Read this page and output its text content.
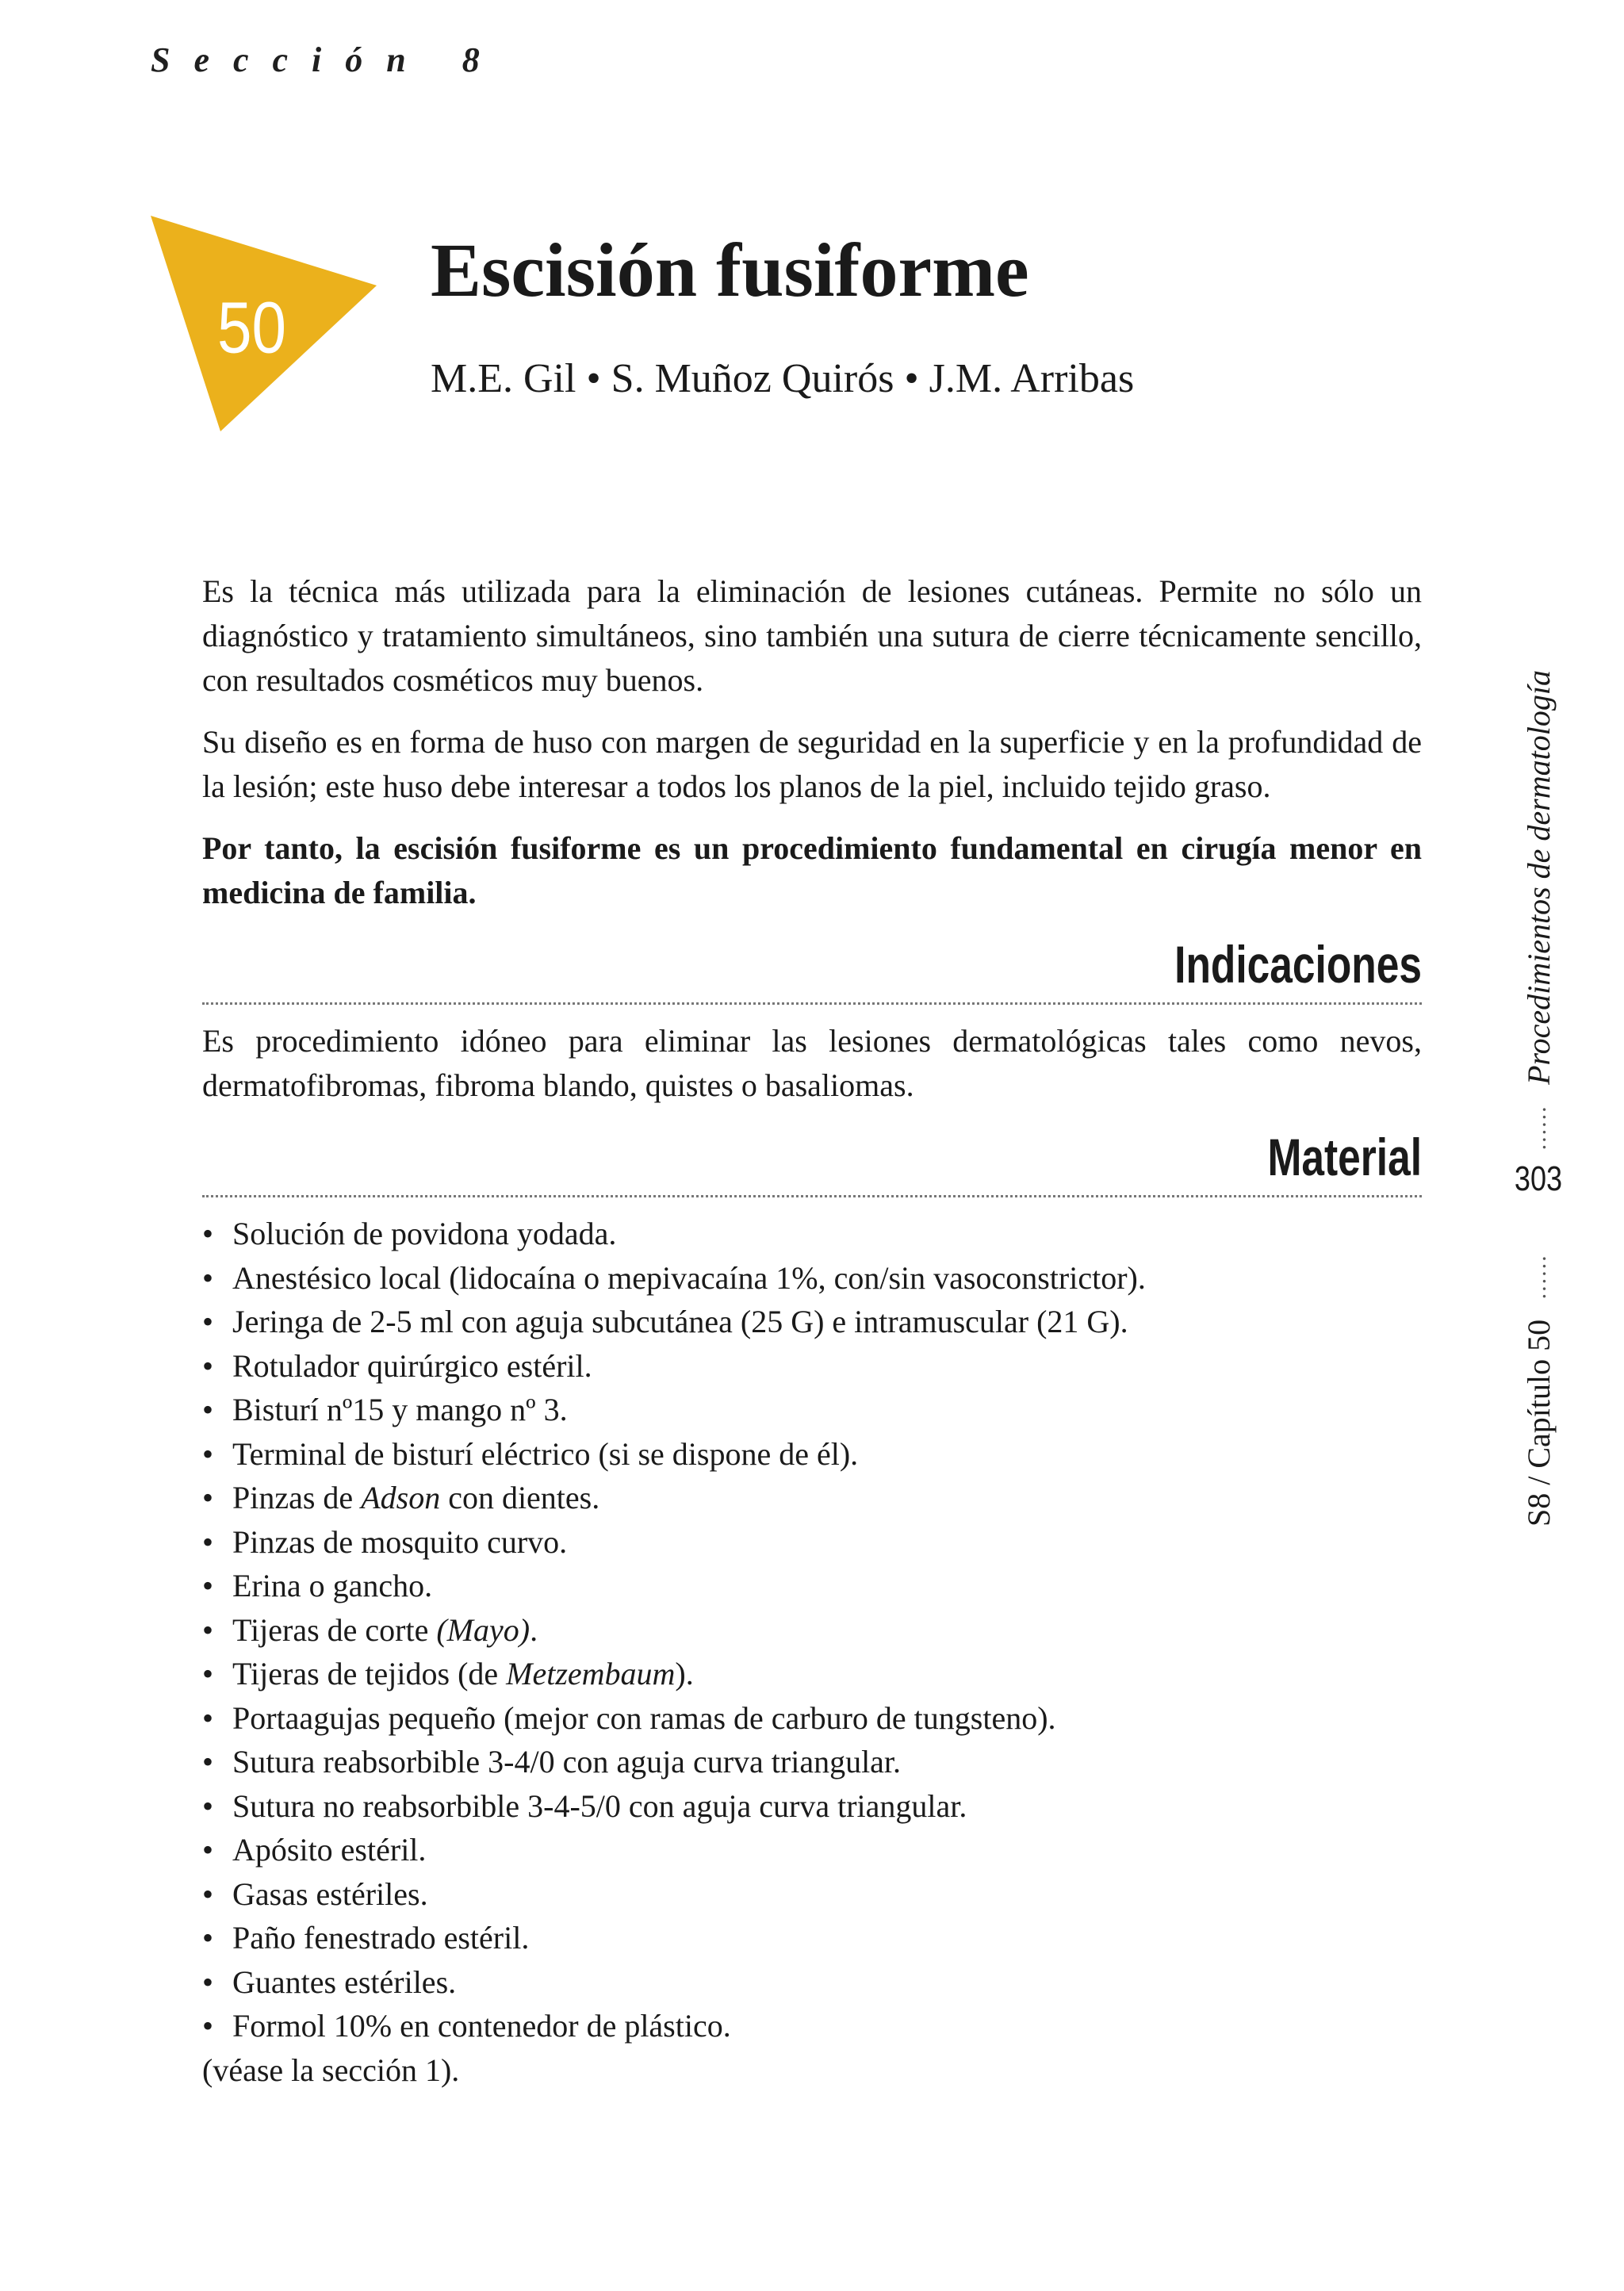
Sección 8
50
Escisión fusiforme
M.E. Gil • S. Muñoz Quirós • J.M. Arribas

Es la técnica más utilizada para la eliminación de lesiones cutáneas. Permite no sólo un diagnóstico y tratamiento simultáneos, sino también una sutura de cierre técnicamente sencillo, con resultados cosméticos muy buenos.

Su diseño es en forma de huso con margen de seguridad en la superficie y en la profundidad de la lesión; este huso debe interesar a todos los planos de la piel, incluido tejido graso.

Por tanto, la escisión fusiforme es un procedimiento fundamental en cirugía menor en medicina de familia.

Indicaciones

Es procedimiento idóneo para eliminar las lesiones dermatológicas tales como nevos, dermatofibromas, fibroma blando, quistes o basaliomas.

Material
• Solución de povidona yodada.
• Anestésico local (lidocaína o mepivacaína 1%, con/sin vasoconstrictor).
• Jeringa de 2-5 ml con aguja subcutánea (25 G) e intramuscular (21 G).
• Rotulador quirúrgico estéril.
• Bisturí nº15 y mango nº 3.
• Terminal de bisturí eléctrico (si se dispone de él).
• Pinzas de Adson con dientes.
• Pinzas de mosquito curvo.
• Erina o gancho.
• Tijeras de corte (Mayo).
• Tijeras de tejidos (de Metzembaum).
• Portaagujas pequeño (mejor con ramas de carburo de tungsteno).
• Sutura reabsorbible 3-4/0 con aguja curva triangular.
• Sutura no reabsorbible 3-4-5/0 con aguja curva triangular.
• Apósito estéril.
• Gasas estériles.
• Paño fenestrado estéril.
• Guantes estériles.
• Formol 10% en contenedor de plástico.
(véase la sección 1).
S8 / Capítulo 50
......
......
Procedimientos de dermatología
303
